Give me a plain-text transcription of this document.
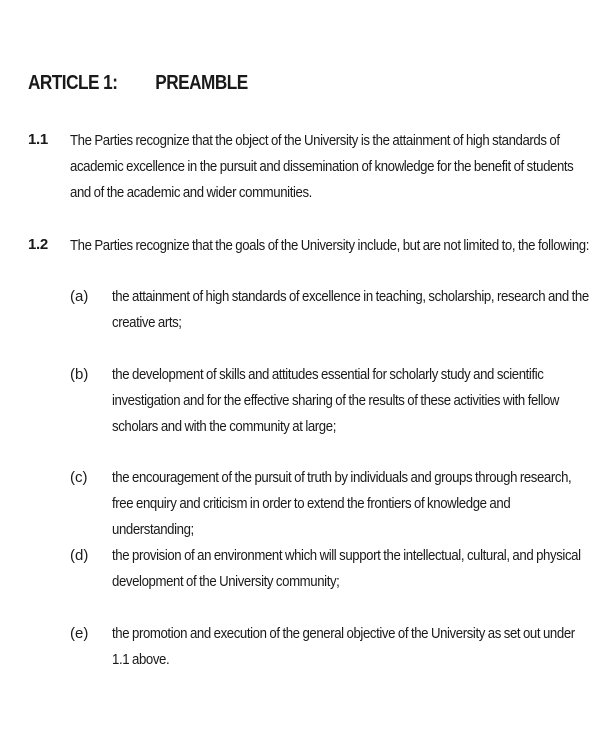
ARTICLE 1: PREAMBLE
1.1 The Parties recognize that the object of the University is the attainment of high standards of academic excellence in the pursuit and dissemination of knowledge for the benefit of students and of the academic and wider communities.
1.2 The Parties recognize that the goals of the University include, but are not limited to, the following:
(a) the attainment of high standards of excellence in teaching, scholarship, research and the creative arts;
(b) the development of skills and attitudes essential for scholarly study and scientific investigation and for the effective sharing of the results of these activities with fellow scholars and with the community at large;
(c) the encouragement of the pursuit of truth by individuals and groups through research, free enquiry and criticism in order to extend the frontiers of knowledge and understanding;
(d) the provision of an environment which will support the intellectual, cultural, and physical development of the University community;
(e) the promotion and execution of the general objective of the University as set out under 1.1 above.
